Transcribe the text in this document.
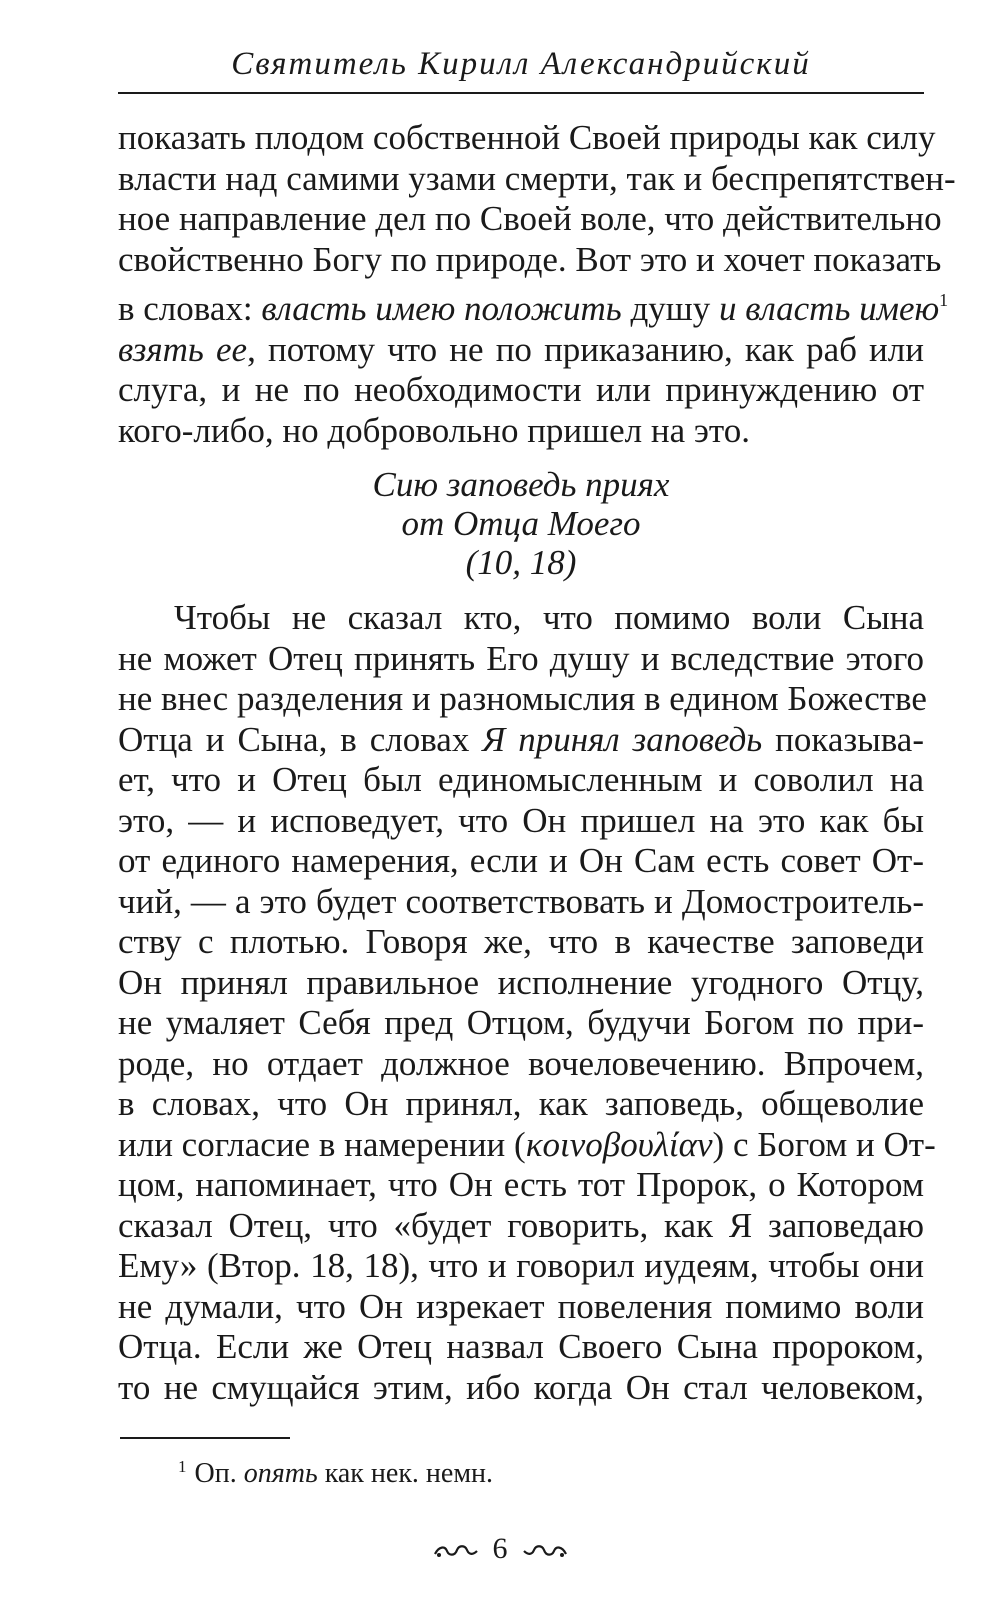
Святитель Кирилл Александрийский

показать плодом собственной Своей природы как силу
власти над самими узами смерти, так и беспрепятствен-
ное направление дел по Своей воле, что действительно
свойственно Богу по природе. Вот это и хочет показать
в словах: власть имею положить душу и власть имею$^1$
взять ее, потому что не по приказанию, как раб или
слуга, и не по необходимости или принуждению от
кого-либо, но добровольно пришел на это.

Сию заповедь приях
от Отца Моего
(10, 18)

Чтобы не сказал кто, что помимо воли Сына
не может Отец принять Его душу и вследствие этого
не внес разделения и разномыслия в едином Божестве
Отца и Сына, в словах Я принял заповедь показыва-
ет, что и Отец был единомысленным и соволил на
это, — и исповедует, что Он пришел на это как бы
от единого намерения, если и Он Сам есть совет От-
чий, — а это будет соответствовать и Домостроитель-
ству с плотью. Говоря же, что в качестве заповеди
Он принял правильное исполнение угодного Отцу,
не умаляет Себя пред Отцом, будучи Богом по при-
роде, но отдает должное вочеловечению. Впрочем,
в словах, что Он принял, как заповедь, общеволие
или согласие в намерении (κοινοβουλίαν) с Богом и От-
цом, напоминает, что Он есть тот Пророк, о Котором
сказал Отец, что «будет говорить, как Я заповедаю
Ему» (Втор. 18, 18), что и говорил иудеям, чтобы они
не думали, что Он изрекает повеления помимо воли
Отца. Если же Отец назвал Своего Сына пророком,
то не смущайся этим, ибо когда Он стал человеком,

$^1$ Оп. опять как нек. немн.
6
